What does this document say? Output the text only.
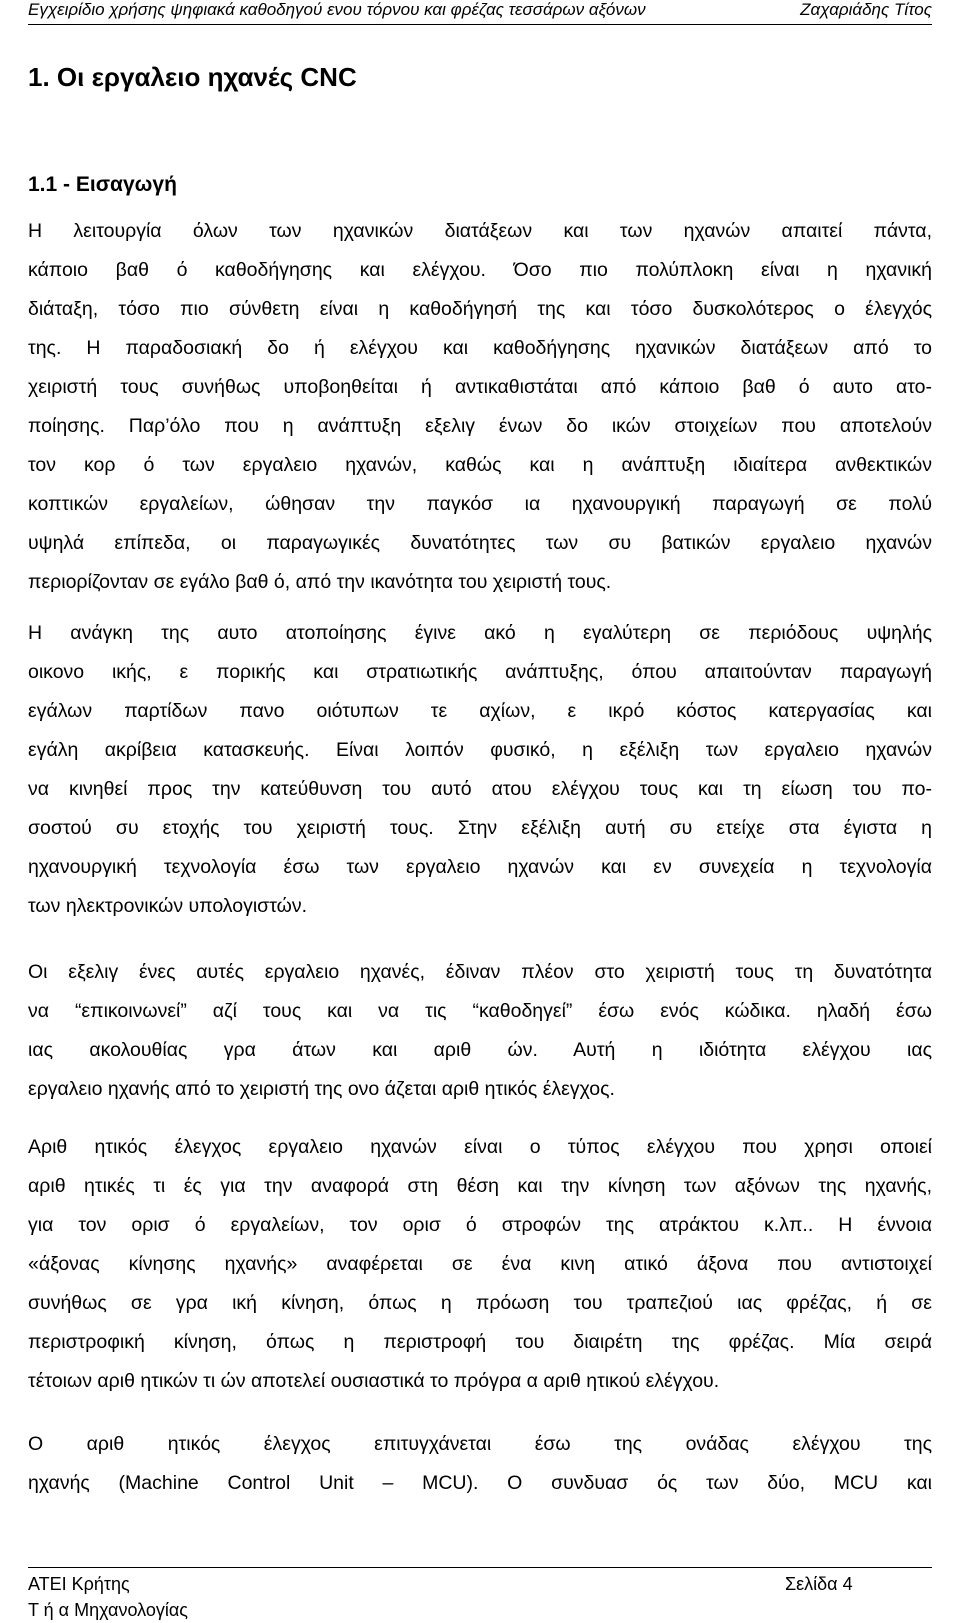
Εγχειρίδιο χρήσης ψηφιακά καθοδηγού ενου τόρνου και φρέζας τεσσάρων αξόνων	Ζαχαριάδης Τίτος
1. Οι εργαλειο ηχανές CNC
1.1 - Εισαγωγή
Η λειτουργία όλων των ηχανικών διατάξεων και των ηχανών απαιτεί πάντα,
κάποιο βαθ ό καθοδήγησης και ελέγχου. Όσο πιο πολύπλοκη είναι η ηχανική
διάταξη, τόσο πιο σύνθετη είναι η καθοδήγησή της και τόσο δυσκολότερος ο έλεγχός
της. Η παραδοσιακή δο ή ελέγχου και καθοδήγησης ηχανικών διατάξεων από το
χειριστή τους συνήθως υποβοηθείται ή αντικαθιστάται από κάποιο βαθ ό αυτο ατο-
ποίησης. Παρ’όλο που η ανάπτυξη εξελιγ ένων δο ικών στοιχείων που αποτελούν
τον κορ ό των εργαλειο ηχανών, καθώς και η ανάπτυξη ιδιαίτερα ανθεκτικών
κοπτικών εργαλείων, ώθησαν την παγκόσ ια ηχανουργική παραγωγή σε πολύ
υψηλά επίπεδα, οι παραγωγικές δυνατότητες των συ βατικών εργαλειο ηχανών
περιορίζονταν σε εγάλο βαθ ό, από την ικανότητα του χειριστή τους.
Η ανάγκη της αυτο ατοποίησης έγινε ακό η εγαλύτερη σε περιόδους υψηλής
οικονο ικής, ε πορικής και στρατιωτικής ανάπτυξης, όπου απαιτούνταν παραγωγή
εγάλων παρτίδων πανο οιότυπων τε αχίων, ε ικρό κόστος κατεργασίας και
εγάλη ακρίβεια κατασκευής. Είναι λοιπόν φυσικό, η εξέλιξη των εργαλειο ηχανών
να κινηθεί προς την κατεύθυνση του αυτό ατου ελέγχου τους και τη είωση του πο-
σοστού συ ετοχής του χειριστή τους. Στην εξέλιξη αυτή συ ετείχε στα έγιστα η
ηχανουργική τεχνολογία έσω των εργαλειο ηχανών και εν συνεχεία η τεχνολογία
των ηλεκτρονικών υπολογιστών.
Οι εξελιγ ένες αυτές εργαλειο ηχανές, έδιναν πλέον στο χειριστή τους τη δυνατότητα
να “επικοινωνεί” αζί τους και να τις “καθοδηγεί” έσω ενός κώδικα. ηλαδή έσω
ιας ακολουθίας γρα άτων και αριθ ών. Αυτή η ιδιότητα ελέγχου ιας
εργαλειο ηχανής από το χειριστή της ονο άζεται αριθ ητικός έλεγχος.
Αριθ ητικός έλεγχος εργαλειο ηχανών είναι ο τύπος ελέγχου που χρησι οποιεί
αριθ ητικές τι ές για την αναφορά στη θέση και την κίνηση των αξόνων της ηχανής,
για τον ορισ ό εργαλείων, τον ορισ ό στροφών της ατράκτου κ.λπ.. Η έννοια
«άξονας κίνησης ηχανής» αναφέρεται σε ένα κινη ατικό άξονα που αντιστοιχεί
συνήθως σε γρα ική κίνηση, όπως η πρόωση του τραπεζιού ιας φρέζας, ή σε
περιστροφική κίνηση, όπως η περιστροφή του διαιρέτη της φρέζας. Μία σειρά
τέτοιων αριθ ητικών τι ών αποτελεί ουσιαστικά το πρόγρα α αριθ ητικού ελέγχου.
Ο αριθ ητικός έλεγχος επιτυγχάνεται έσω της ονάδας ελέγχου της
ηχανής (Machine Control Unit – MCU). Ο συνδυασ ός των δύο, MCU και
ΑΤΕΙ Κρήτης
Τ ή α Μηχανολογίας
Σελίδα 4
